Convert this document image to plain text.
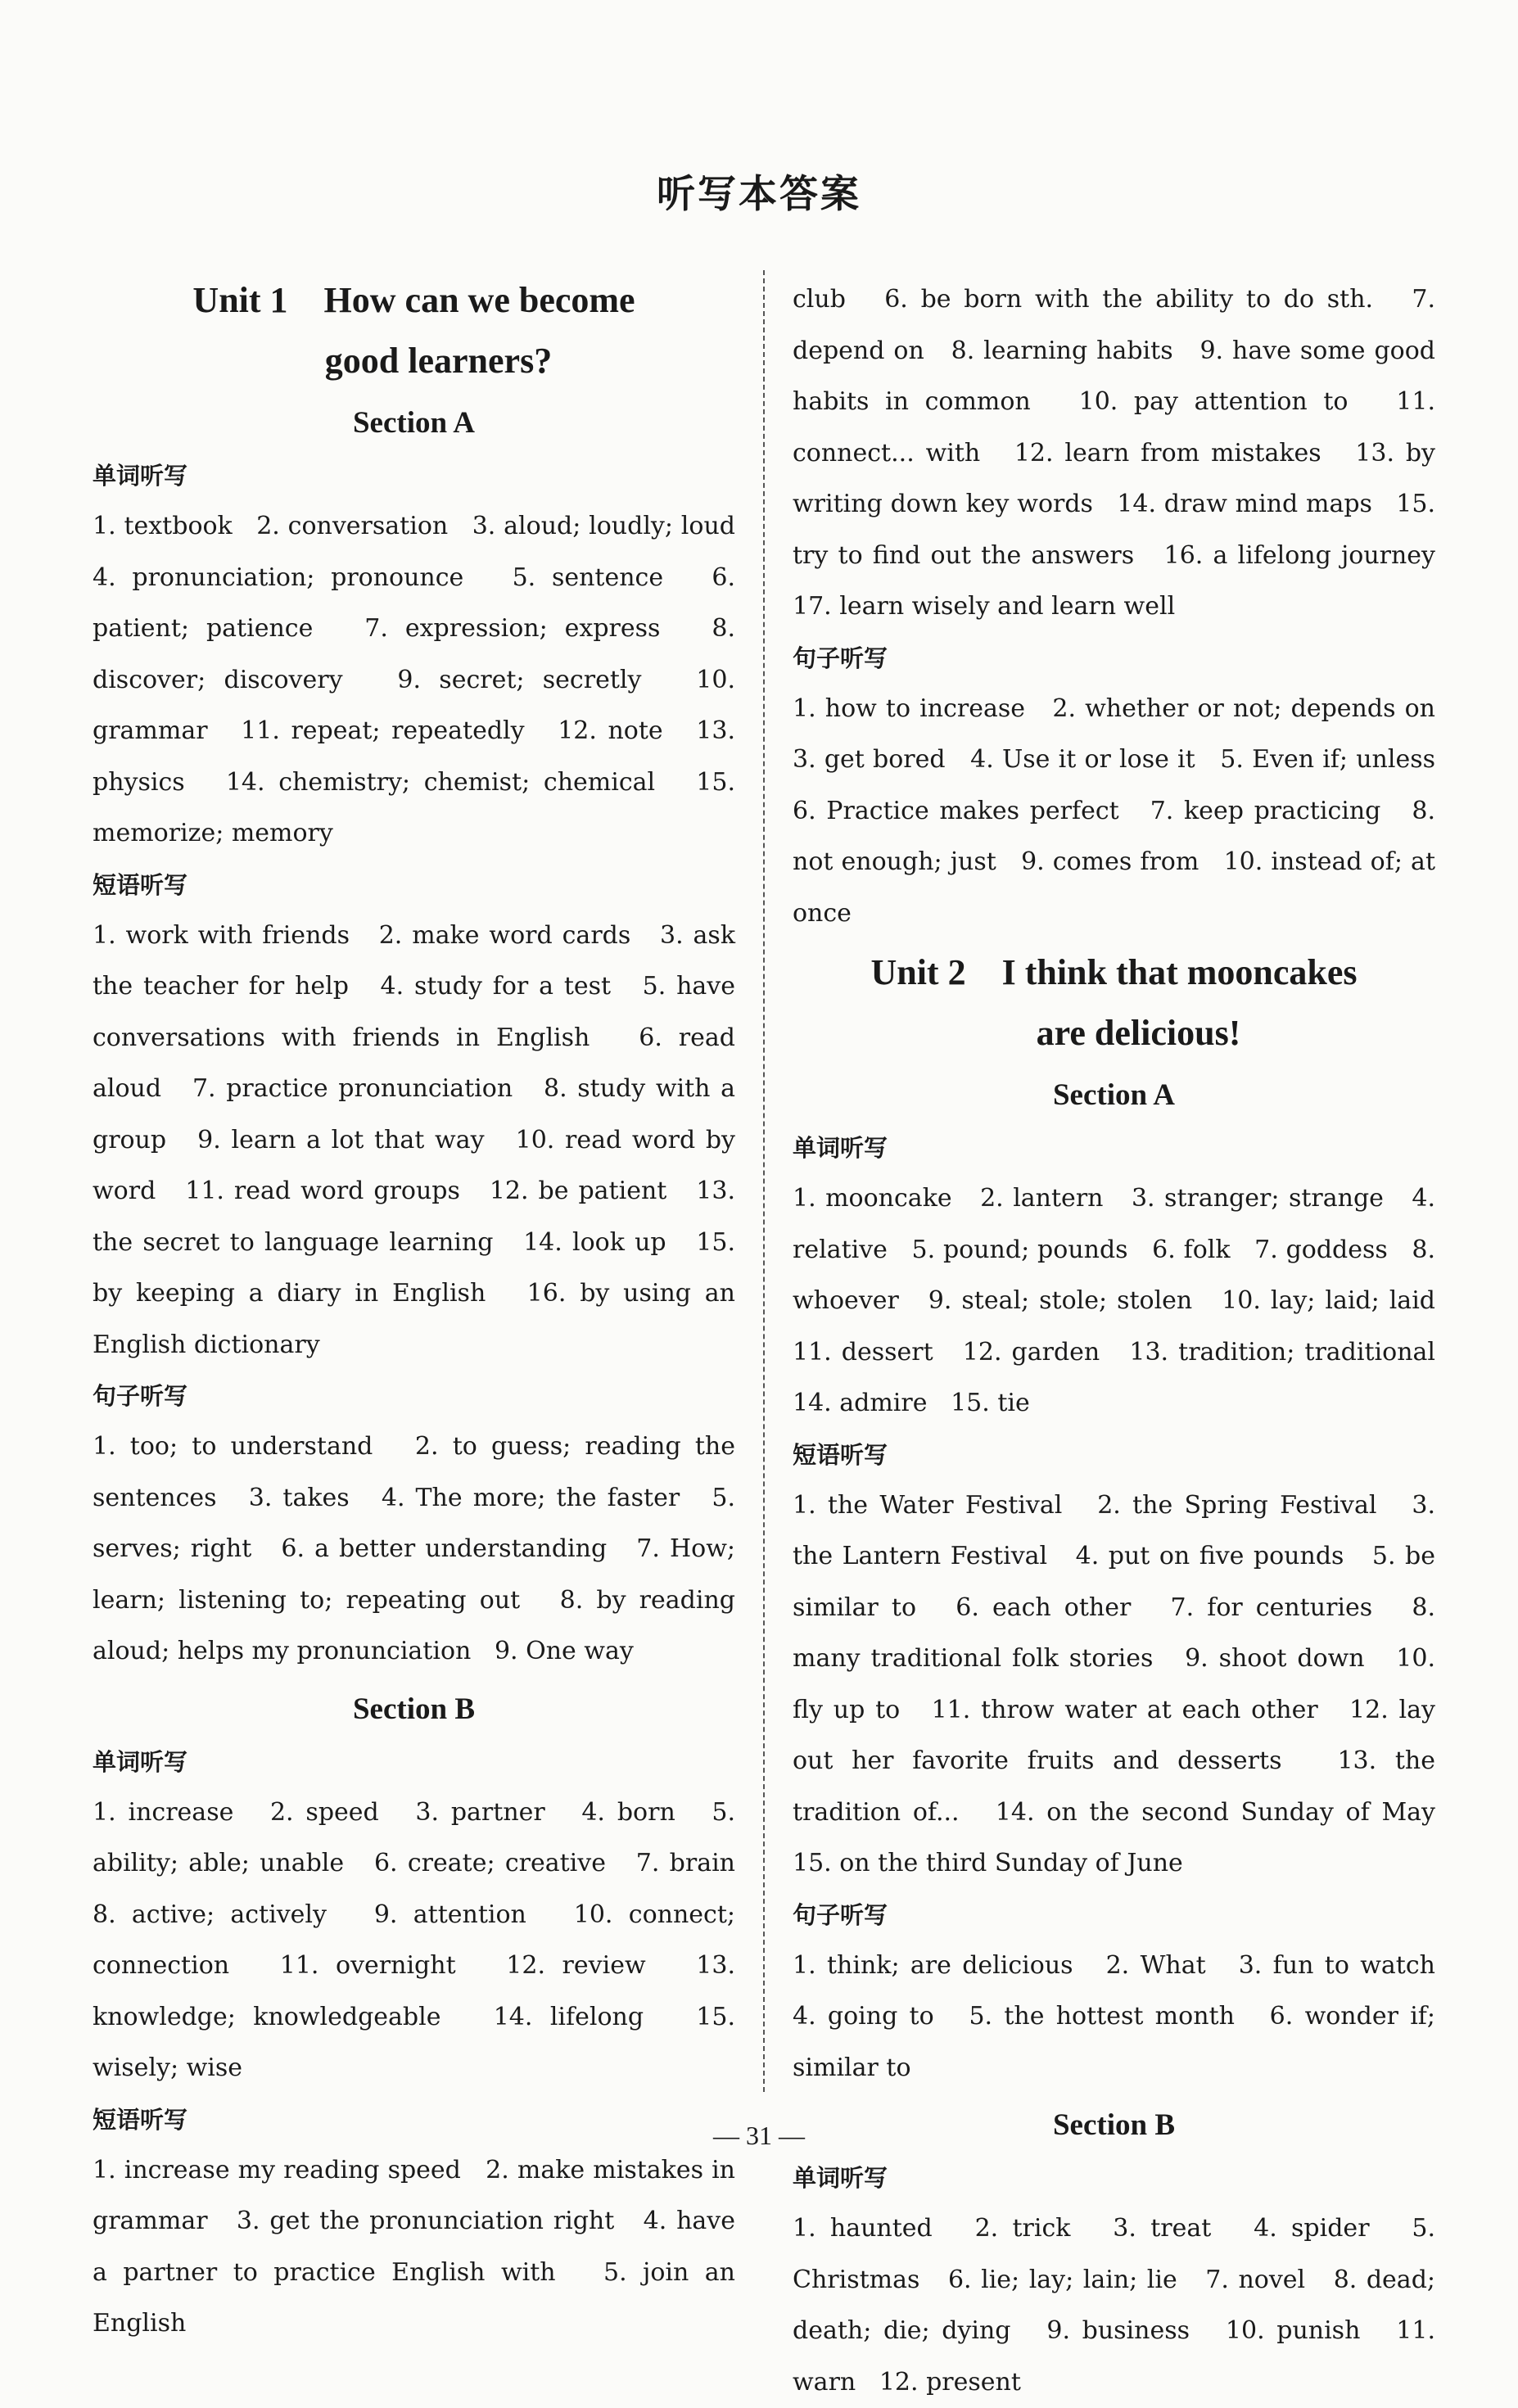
听写本答案
Unit 1    How can we become
good learners?
Section A
单词听写

1. textbook   2. conversation   3. aloud; loudly; loud   4. pronunciation; pronounce   5. sentence   6. patient; patience   7. expression; express   8. discover; discovery   9. secret; secretly   10. grammar   11. repeat; repeatedly   12. note   13. physics   14. chemistry; chemist; chemical   15. memorize; memory

短语听写

1. work with friends   2. make word cards   3. ask the teacher for help   4. study for a test   5. have conversations with friends in English   6. read aloud   7. practice pronunciation   8. study with a group   9. learn a lot that way   10. read word by word   11. read word groups   12. be patient   13. the secret to language learning   14. look up   15. by keeping a diary in English   16. by using an English dictionary

句子听写

1. too; to understand   2. to guess; reading the sentences   3. takes   4. The more; the faster   5. serves; right   6. a better understanding   7. How; learn; listening to; repeating out   8. by reading aloud; helps my pronunciation   9. One way

Section B
单词听写

1. increase   2. speed   3. partner   4. born   5. ability; able; unable   6. create; creative   7. brain   8. active; actively   9. attention   10. connect; connection   11. overnight   12. review   13. knowledge; knowledgeable   14. lifelong   15. wisely; wise

短语听写

1. increase my reading speed   2. make mistakes in grammar   3. get the pronunciation right   4. have a partner to practice English with   5. join an English

club   6. be born with the ability to do sth.   7. depend on   8. learning habits   9. have some good habits in common   10. pay attention to   11. connect... with   12. learn from mistakes   13. by writing down key words   14. draw mind maps   15. try to find out the answers   16. a lifelong journey   17. learn wisely and learn well

句子听写

1. how to increase   2. whether or not; depends on   3. get bored   4. Use it or lose it   5. Even if; unless   6. Practice makes perfect   7. keep practicing   8. not enough; just   9. comes from   10. instead of; at once

Unit 2    I think that mooncakes
are delicious!
Section A
单词听写

1. mooncake   2. lantern   3. stranger; strange   4. relative   5. pound; pounds   6. folk   7. goddess   8. whoever   9. steal; stole; stolen   10. lay; laid; laid   11. dessert   12. garden   13. tradition; traditional   14. admire   15. tie

短语听写

1. the Water Festival   2. the Spring Festival   3. the Lantern Festival   4. put on five pounds   5. be similar to   6. each other   7. for centuries   8. many traditional folk stories   9. shoot down   10. fly up to   11. throw water at each other   12. lay out her favorite fruits and desserts   13. the tradition of...   14. on the second Sunday of May   15. on the third Sunday of June

句子听写

1. think; are delicious   2. What   3. fun to watch   4. going to   5. the hottest month   6. wonder if; similar to

Section B
单词听写

1. haunted   2. trick   3. treat   4. spider   5. Christmas   6. lie; lay; lain; lie   7. novel   8. dead; death; die; dying   9. business   10. punish   11. warn   12. present

— 31 —
